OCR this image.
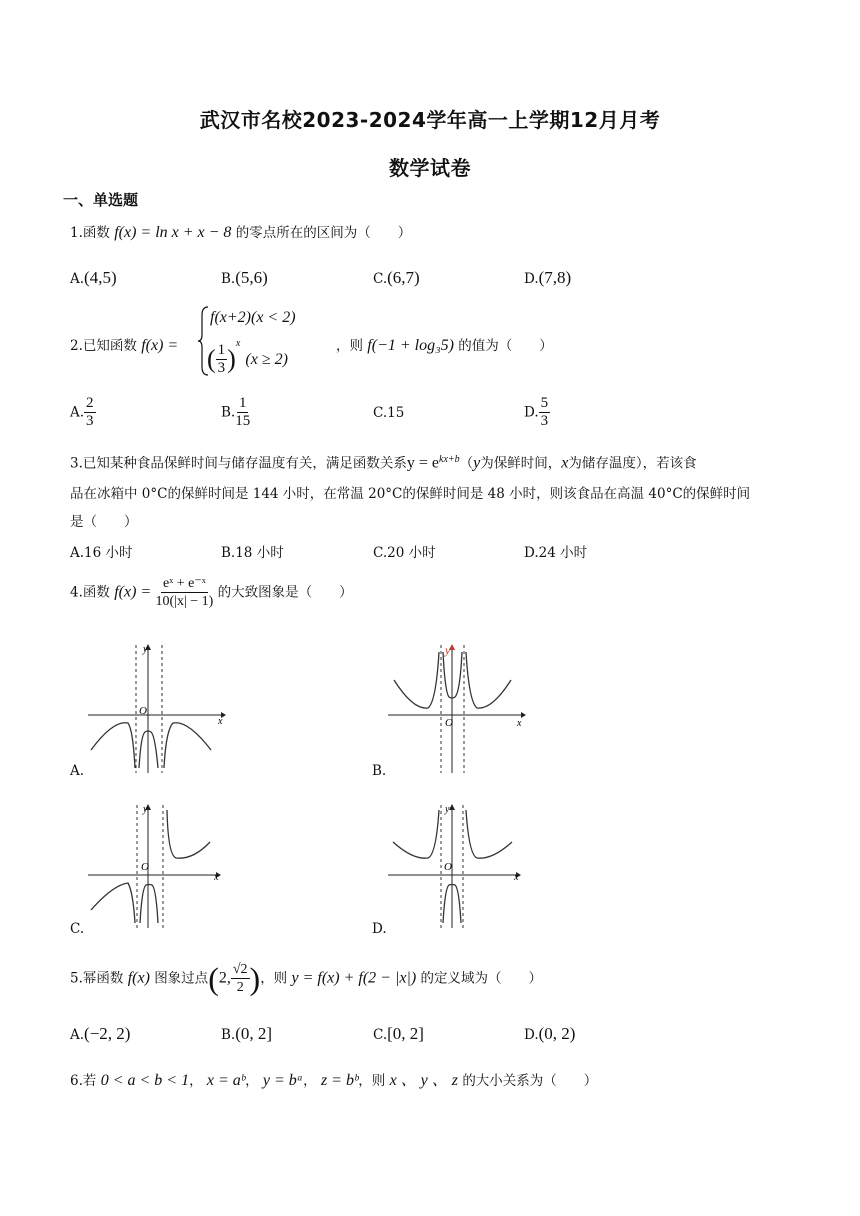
武汉市名校2023-2024学年高一上学期12月月考
数学试卷
一、单选题
1.函数 f(x) = ln x + x − 8 的零点所在的区间为（　　）
A.(4,5)	B.(5,6)	C.(6,7)	D.(7,8)
2.已知函数 f(x) =
f(x+2)(x < 2)
( $\frac{1}{3} )^x$ (x ≥ 2)
，则 f(−1 + log₃5) 的值为（　　）
A. $\frac{2}{3}$	B. $\frac{1}{15}$	C.15	D. $\frac{5}{3}$
3.已知某种食品保鲜时间与储存温度有关，满足函数关系$y = e^{kx+b}(y$为保鲜时间，x为储存温度），若该食
品在冰箱中 0°C的保鲜时间是 144 小时，在常温 20°C的保鲜时间是 48 小时，则该食品在高温 40°C的保鲜时间
是（　　）
A.16 小时	B.18 小时	C.20 小时	D.24 小时
4.函数 $f(x) = \frac{\text{eˣ + e⁻ˣ}}{10(|x| - 1)}$ 的大致图象是（　　）
y
x
O
A.
y
x
O
B.
y
x
O
C.
y
x
O
D.
5.幂函数 f(x) 图象过点(2, $\frac{√2}{2}$ )，则 y = f(x) + f(2 − |x|) 的定义域为（　　）
A.(−2, 2)	B.(0, 2]	C.[0, 2]	D.(0, 2)
6.若 0 < a < b < 1， x = aᵇ， y = bᵃ， z = bᵇ，则 x 、 y 、 z 的大小关系为（　　）
